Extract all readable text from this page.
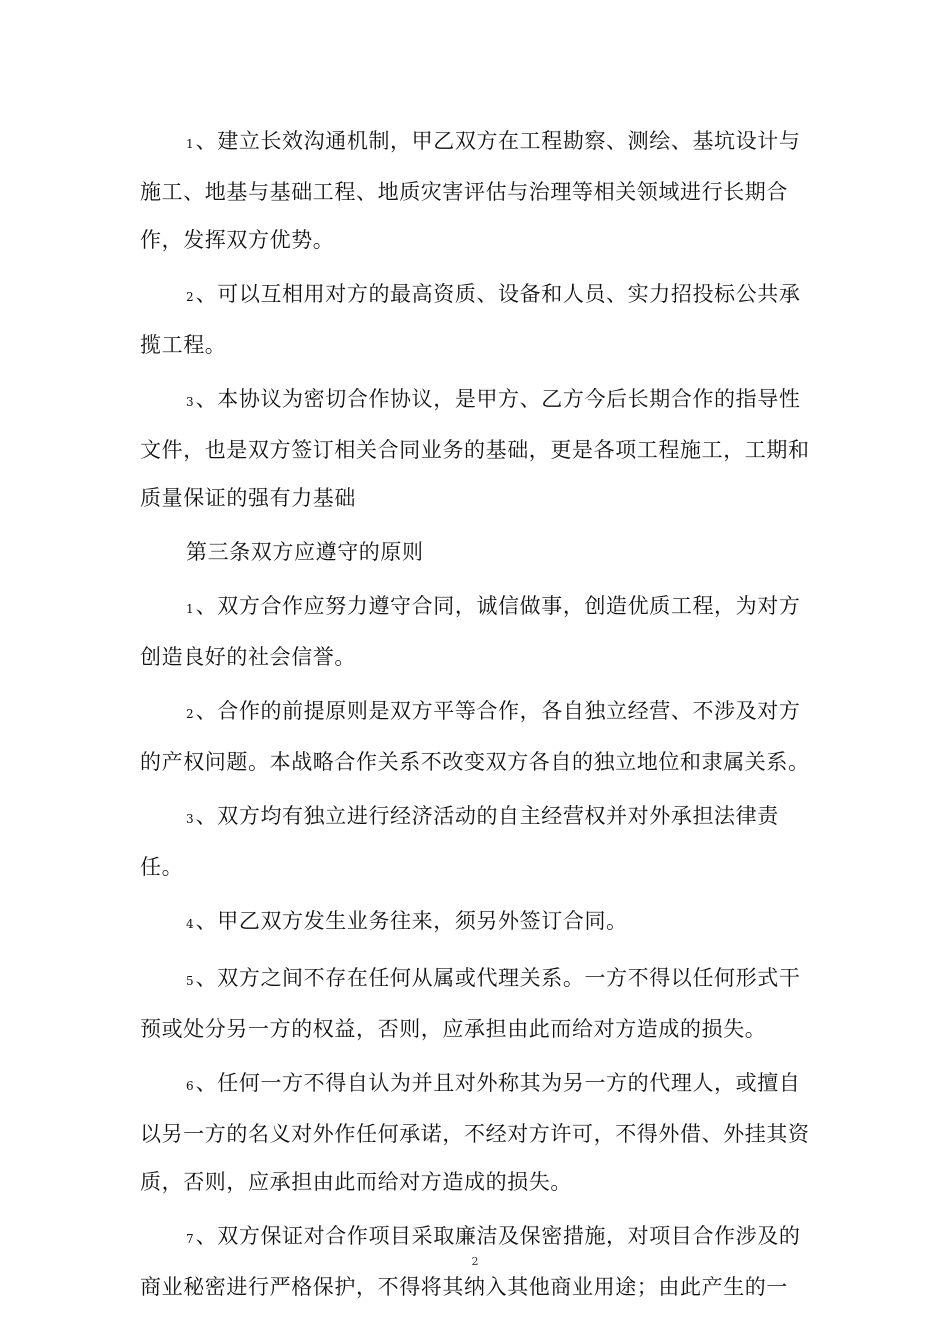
1、建立长效沟通机制，甲乙双方在工程勘察、测绘、基坑设计与施工、地基与基础工程、地质灾害评估与治理等相关领域进行长期合作，发挥双方优势。

2、可以互相用对方的最高资质、设备和人员、实力招投标公共承揽工程。

3、本协议为密切合作协议，是甲方、乙方今后长期合作的指导性文件，也是双方签订相关合同业务的基础，更是各项工程施工，工期和质量保证的强有力基础

第三条双方应遵守的原则

1、双方合作应努力遵守合同，诚信做事，创造优质工程，为对方创造良好的社会信誉。

2、合作的前提原则是双方平等合作，各自独立经营、不涉及对方的产权问题。本战略合作关系不改变双方各自的独立地位和隶属关系。

3、双方均有独立进行经济活动的自主经营权并对外承担法律责任。

4、甲乙双方发生业务往来，须另外签订合同。

5、双方之间不存在任何从属或代理关系。一方不得以任何形式干预或处分另一方的权益，否则，应承担由此而给对方造成的损失。

6、任何一方不得自认为并且对外称其为另一方的代理人，或擅自以另一方的名义对外作任何承诺，不经对方许可，不得外借、外挂其资质，否则，应承担由此而给对方造成的损失。

7、双方保证对合作项目采取廉洁及保密措施，对项目合作涉及的商业秘密进行严格保护，不得将其纳入其他商业用途；由此产生的一

2
